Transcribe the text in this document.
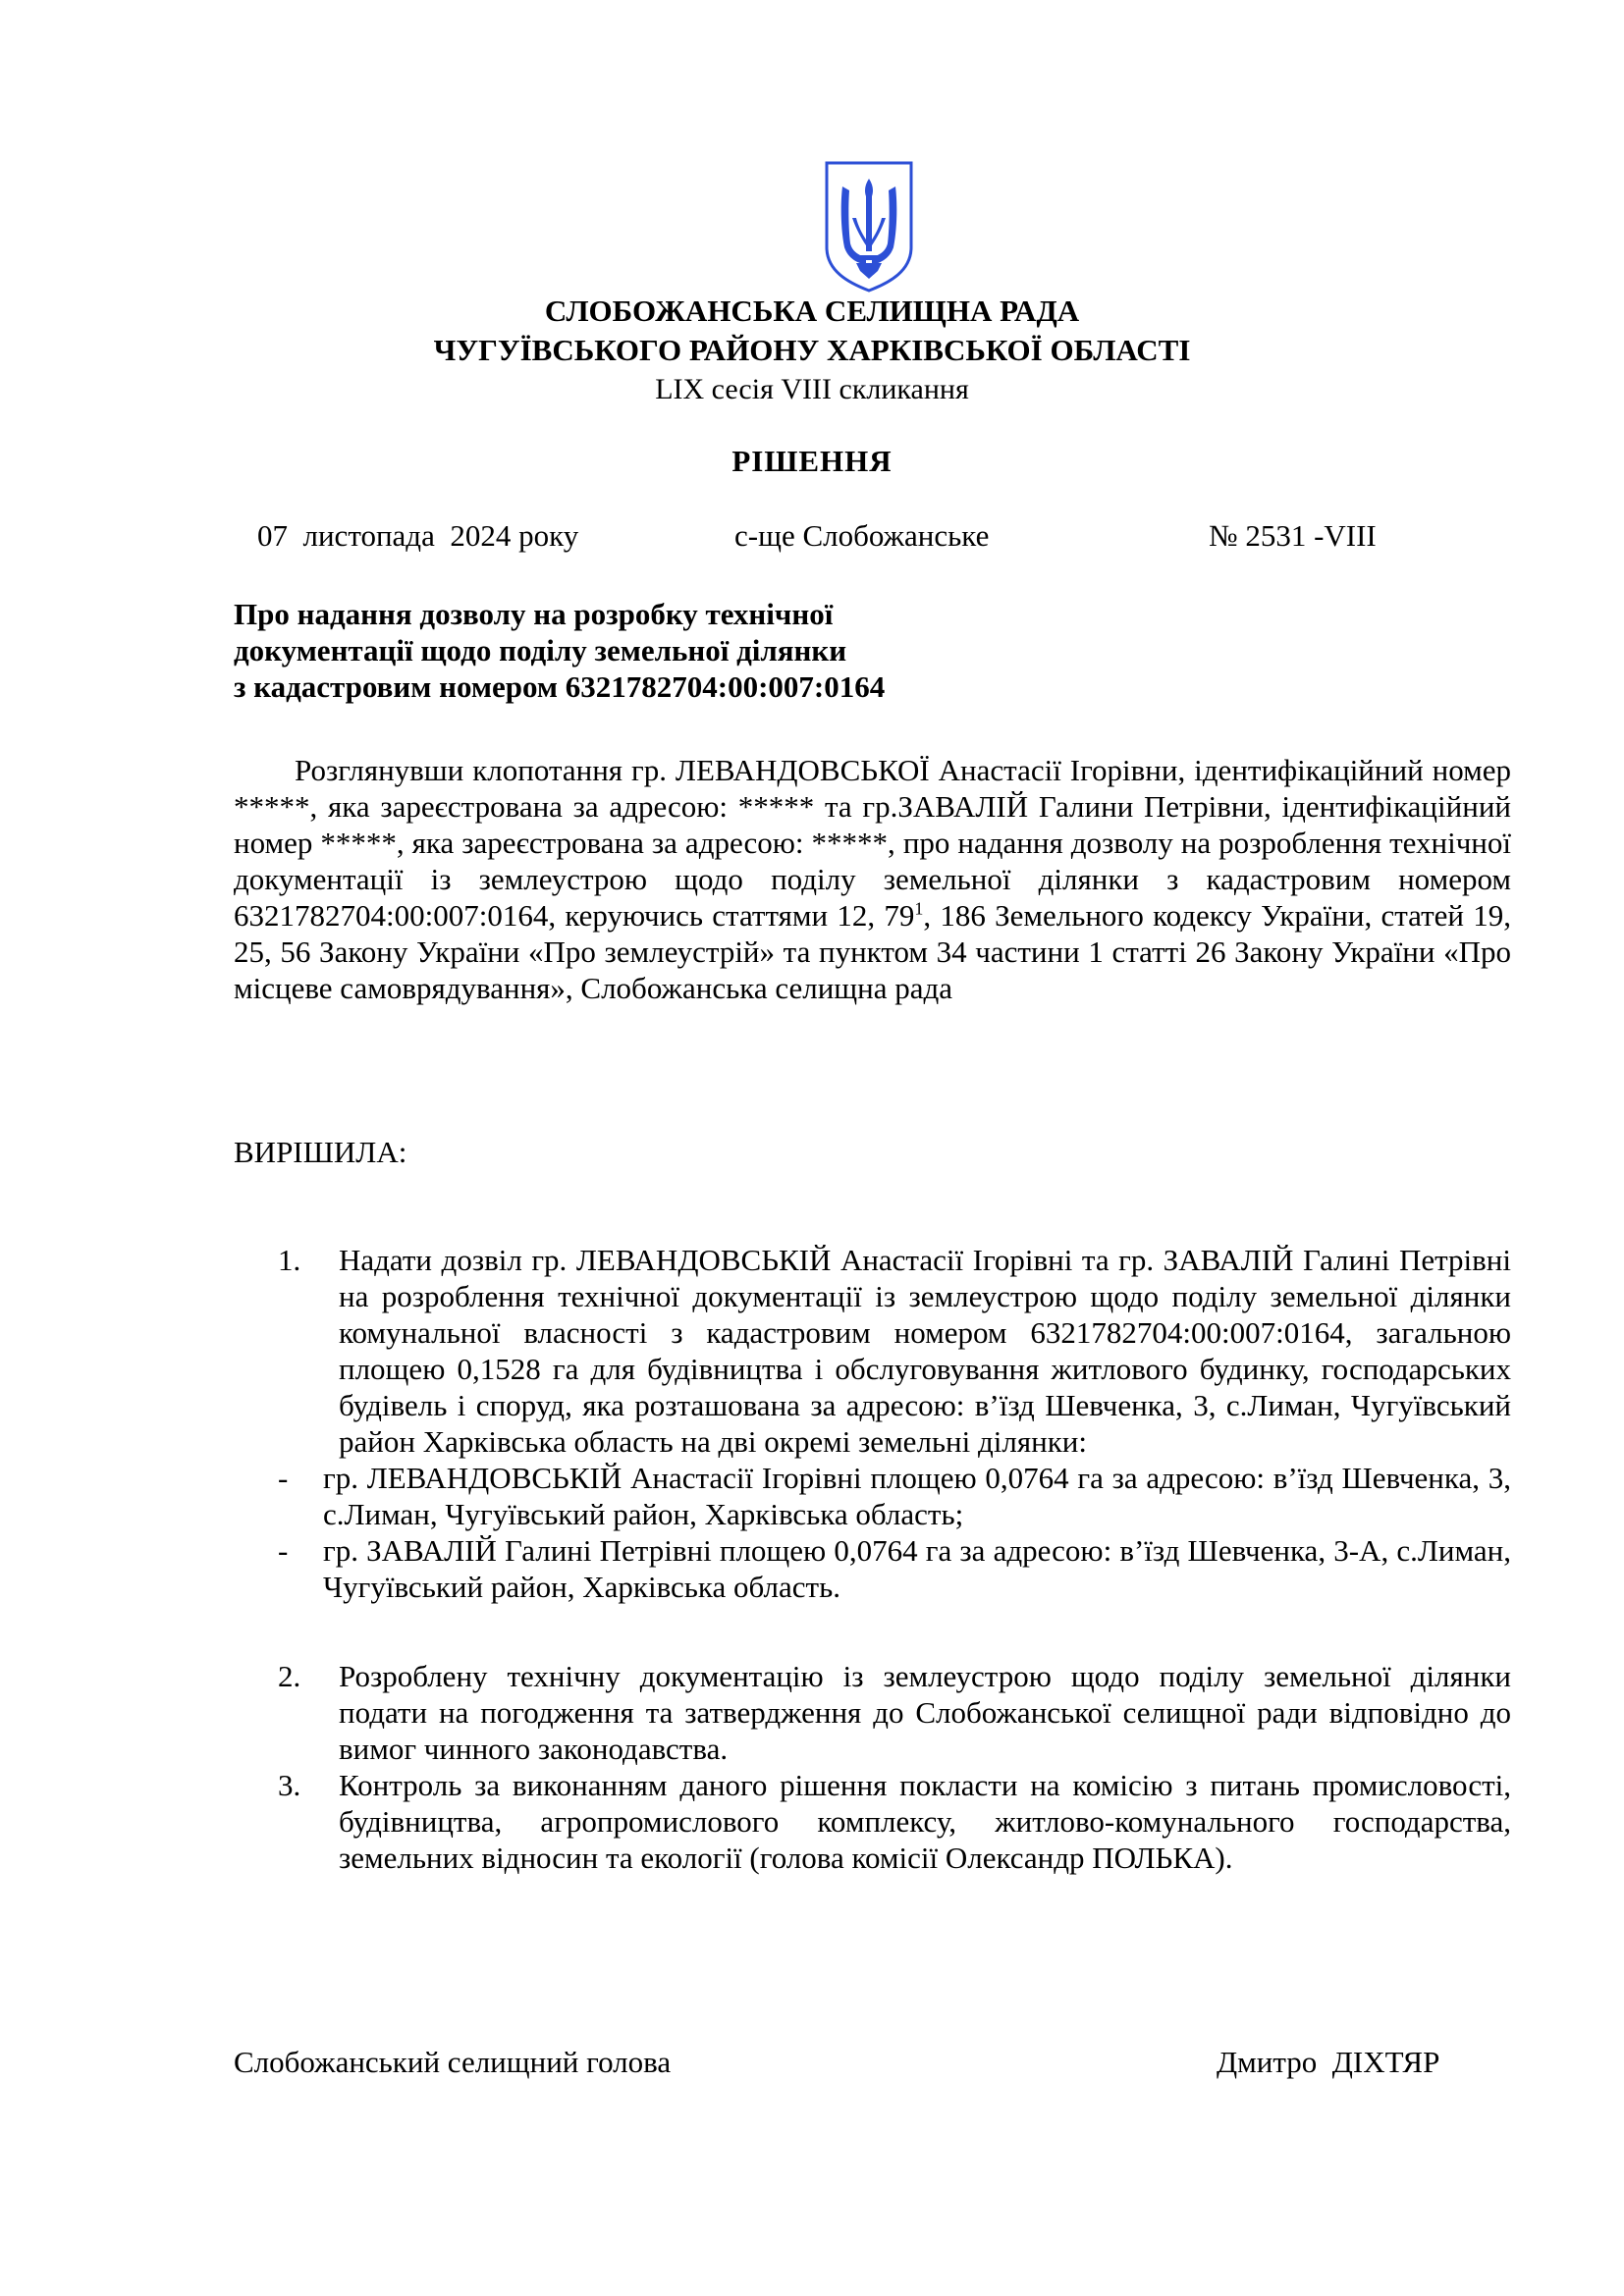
СЛОБОЖАНСЬКА СЕЛИЩНА РАДА
ЧУГУЇВСЬКОГО РАЙОНУ ХАРКІВСЬКОЇ ОБЛАСТІ
LIX сесія VIII скликання
РІШЕННЯ
07  листопада  2024 року	с-ще Слобожанське	№ 2531 -VIII
Про надання дозволу на розробку технічної
документації щодо поділу земельної ділянки
з кадастровим номером 6321782704:00:007:0164
Розглянувши клопотання гр. ЛЕВАНДОВСЬКОЇ Анастасії Ігорівни, ідентифікаційний номер *****, яка зареєстрована за адресою: ***** та гр.ЗАВАЛІЙ Галини Петрівни, ідентифікаційний номер *****, яка зареєстрована за адресою: *****, про надання дозволу на розроблення технічної документації із землеустрою щодо поділу земельної ділянки з кадастровим номером 6321782704:00:007:0164, керуючись статтями 12, $79^1$, 186 Земельного кодексу України, статей 19, 25, 56 Закону України «Про землеустрій» та пунктом 34 частини 1 статті 26 Закону України «Про місцеве самоврядування», Слобожанська селищна рада
ВИРІШИЛА:
1. Надати дозвіл гр. ЛЕВАНДОВСЬКІЙ Анастасії Ігорівні та гр. ЗАВАЛІЙ Галині Петрівні на розроблення технічної документації із землеустрою щодо поділу земельної ділянки комунальної власності з кадастровим номером 6321782704:00:007:0164, загальною площею 0,1528 га для будівництва і обслуговування житлового будинку, господарських будівель і споруд, яка розташована за адресою: в’їзд Шевченка, 3, с.Лиман, Чугуївський район Харківська область на дві окремі земельні ділянки:
- гр. ЛЕВАНДОВСЬКІЙ Анастасії Ігорівні площею 0,0764 га за адресою: в’їзд Шевченка, 3, с.Лиман, Чугуївський район, Харківська область;
- гр. ЗАВАЛІЙ Галині Петрівні площею 0,0764 га за адресою: в’їзд Шевченка, 3-А, с.Лиман, Чугуївський район, Харківська область.
2. Розроблену технічну документацію із землеустрою щодо поділу земельної ділянки подати на погодження та затвердження до Слобожанської селищної ради відповідно до вимог чинного законодавства.
3. Контроль за виконанням даного рішення покласти на комісію з питань промисловості, будівництва, агропромислового комплексу, житлово-комунального господарства, земельних відносин та екології (голова комісії Олександр ПОЛЬКА).
Слобожанський селищний голова	Дмитро  ДІХТЯР
